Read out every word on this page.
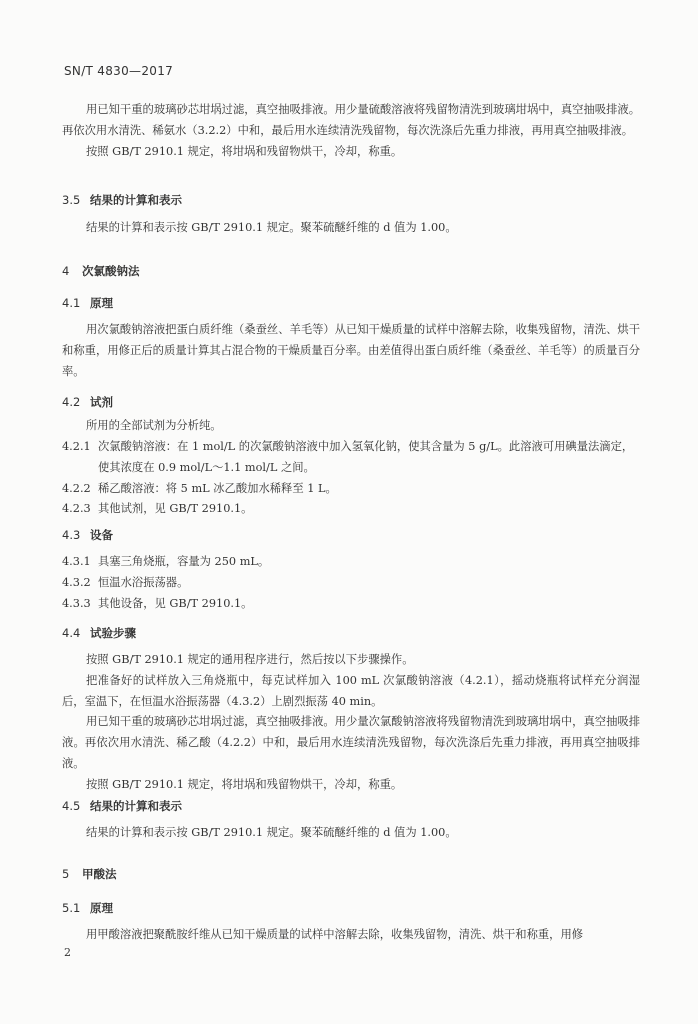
SN/T 4830—2017

用已知干重的玻璃砂芯坩埚过滤，真空抽吸排液。用少量硫酸溶液将残留物清洗到玻璃坩埚中，真空抽吸排液。再依次用水清洗、稀氨水（3.2.2）中和，最后用水连续清洗残留物，每次洗涤后先重力排液，再用真空抽吸排液。

按照 GB/T 2910.1 规定，将坩埚和残留物烘干，冷却，称重。

3.5 结果的计算和表示

结果的计算和表示按 GB/T 2910.1 规定。聚苯硫醚纤维的 d 值为 1.00。

4 次氯酸钠法
4.1 原理

用次氯酸钠溶液把蛋白质纤维（桑蚕丝、羊毛等）从已知干燥质量的试样中溶解去除，收集残留物，清洗、烘干和称重，用修正后的质量计算其占混合物的干燥质量百分率。由差值得出蛋白质纤维（桑蚕丝、羊毛等）的质量百分率。

4.2 试剂

所用的全部试剂为分析纯。

4.2.1 次氯酸钠溶液：在 1 mol/L 的次氯酸钠溶液中加入氢氧化钠，使其含量为 5 g/L。此溶液可用碘量法滴定，使其浓度在 0.9 mol/L～1.1 mol/L 之间。
4.2.2 稀乙酸溶液：将 5 mL 冰乙酸加水稀释至 1 L。
4.2.3 其他试剂，见 GB/T 2910.1。
4.3 设备
4.3.1 具塞三角烧瓶，容量为 250 mL。
4.3.2 恒温水浴振荡器。
4.3.3 其他设备，见 GB/T 2910.1。
4.4 试验步骤

按照 GB/T 2910.1 规定的通用程序进行，然后按以下步骤操作。

把准备好的试样放入三角烧瓶中，每克试样加入 100 mL 次氯酸钠溶液（4.2.1），摇动烧瓶将试样充分润湿后，室温下，在恒温水浴振荡器（4.3.2）上剧烈振荡 40 min。

用已知干重的玻璃砂芯坩埚过滤，真空抽吸排液。用少量次氯酸钠溶液将残留物清洗到玻璃坩埚中，真空抽吸排液。再依次用水清洗、稀乙酸（4.2.2）中和，最后用水连续清洗残留物，每次洗涤后先重力排液，再用真空抽吸排液。

按照 GB/T 2910.1 规定，将坩埚和残留物烘干，冷却，称重。

4.5 结果的计算和表示

结果的计算和表示按 GB/T 2910.1 规定。聚苯硫醚纤维的 d 值为 1.00。

5 甲酸法
5.1 原理

用甲酸溶液把聚酰胺纤维从已知干燥质量的试样中溶解去除，收集残留物，清洗、烘干和称重，用修

2
